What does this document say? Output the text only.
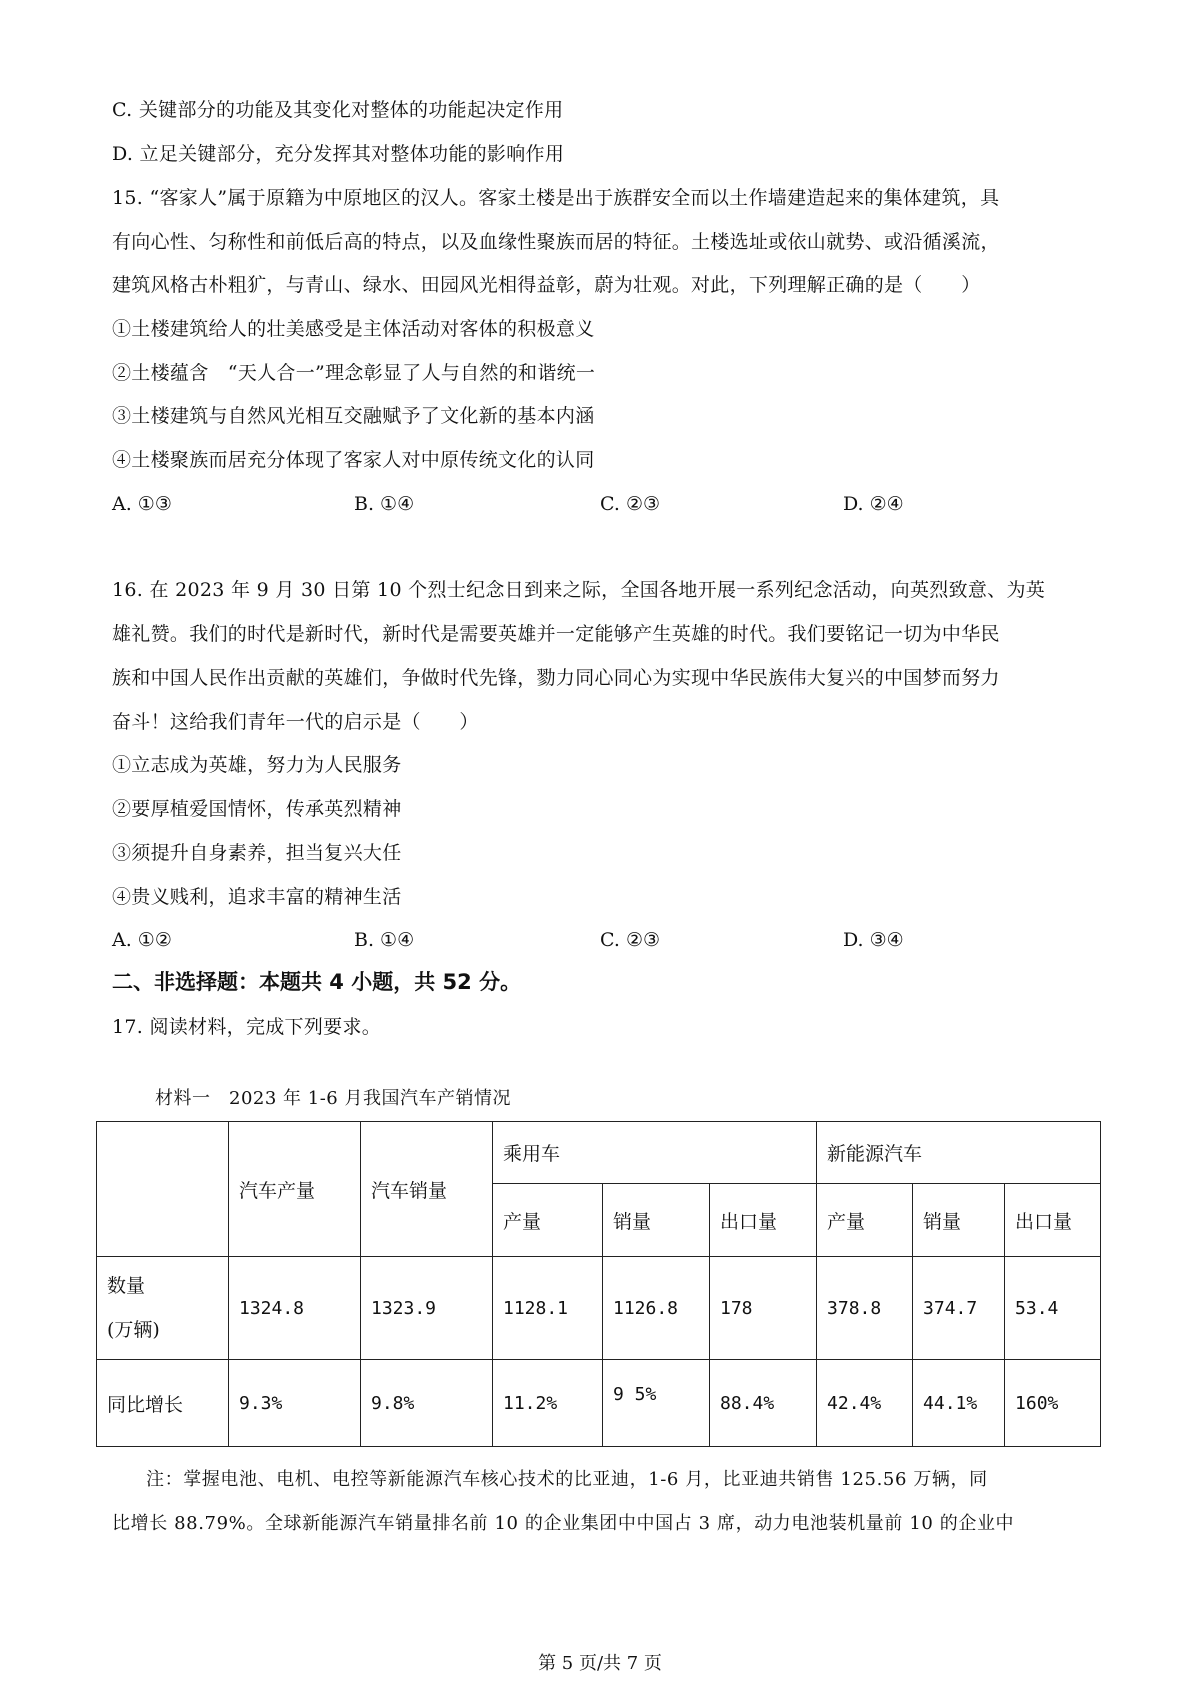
C. 关键部分的功能及其变化对整体的功能起决定作用
D. 立足关键部分，充分发挥其对整体功能的影响作用
15. “客家人”属于原籍为中原地区的汉人。客家土楼是出于族群安全而以土作墙建造起来的集体建筑，具
有向心性、匀称性和前低后高的特点，以及血缘性聚族而居的特征。土楼选址或依山就势、或沿循溪流，
建筑风格古朴粗犷，与青山、绿水、田园风光相得益彰，蔚为壮观。对此，下列理解正确的是（　　）
①土楼建筑给人的壮美感受是主体活动对客体的积极意义
②土楼蕴含　“天人合一”理念彰显了人与自然的和谐统一
③土楼建筑与自然风光相互交融赋予了文化新的基本内涵
④土楼聚族而居充分体现了客家人对中原传统文化的认同
A. ①③	B. ①④	C. ②③	D. ②④
16. 在 2023 年 9 月 30 日第 10 个烈士纪念日到来之际，全国各地开展一系列纪念活动，向英烈致意、为英
雄礼赞。我们的时代是新时代，新时代是需要英雄并一定能够产生英雄的时代。我们要铭记一切为中华民
族和中国人民作出贡献的英雄们，争做时代先锋，勠力同心同心为实现中华民族伟大复兴的中国梦而努力
奋斗！这给我们青年一代的启示是（　　）
①立志成为英雄，努力为人民服务
②要厚植爱国情怀，传承英烈精神
③须提升自身素养，担当复兴大任
④贵义贱利，追求丰富的精神生活
A. ①②	B. ①④	C. ②③	D. ③④
二、非选择题：本题共 4 小题，共 52 分。
17. 阅读材料，完成下列要求。
材料一　2023 年 1-6 月我国汽车产销情况
	汽车产量	汽车销量	乘用车			新能源汽车		
			产量	销量	出口量	产量	销量	出口量
数量
(万辆)	1324.8	1323.9	1128.1	1126.8	178	378.8	374.7	53.4
同比增长	9.3%	9.8%	11.2%	9 5%	88.4%	42.4%	44.1%	160%
注：掌握电池、电机、电控等新能源汽车核心技术的比亚迪，1-6 月，比亚迪共销售 125.56 万辆，同
比增长 88.79%。全球新能源汽车销量排名前 10 的企业集团中中国占 3 席，动力电池装机量前 10 的企业中
第 5 页/共 7 页
